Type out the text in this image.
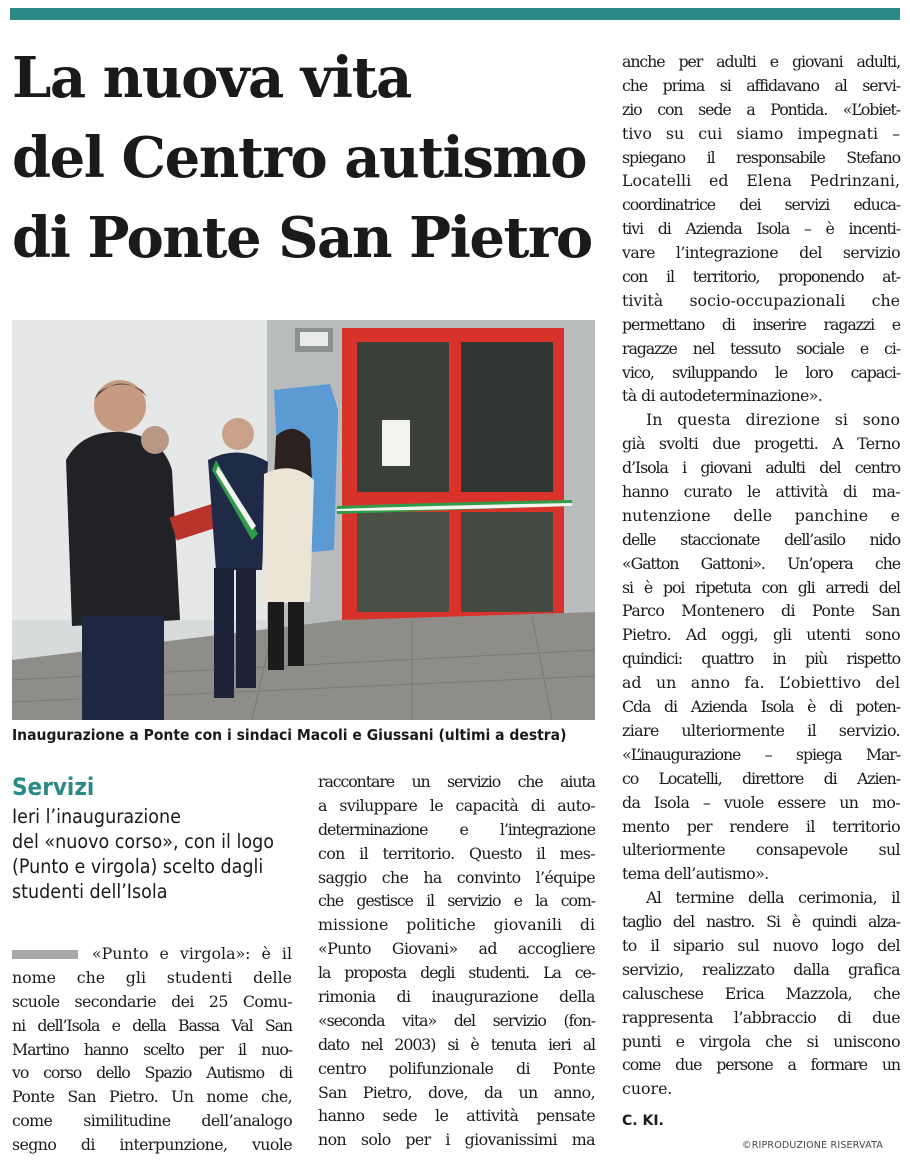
La nuova vita
del Centro autismo
di Ponte San Pietro

Inaugurazione a Ponte con i sindaci Macoli e Giussani (ultimi a destra)

Servizi

Ieri l’inaugurazione
del «nuovo corso», con il logo
(Punto e virgola) scelto dagli
studenti dell’Isola

«Punto e virgola»: è il
nome che gli studenti delle
scuole secondarie dei 25 Comu-
ni dell’Isola e della Bassa Val San
Martino hanno scelto per il nuo-
vo corso dello Spazio Autismo di
Ponte San Pietro. Un nome che,
come similitudine dell’analogo
segno di interpunzione, vuole
raccontare un servizio che aiuta
a sviluppare le capacità di auto-
determinazione e l’integrazione
con il territorio. Questo il mes-
saggio che ha convinto l’équipe
che gestisce il servizio e la com-
missione politiche giovanili di
«Punto Giovani» ad accogliere
la proposta degli studenti. La ce-
rimonia di inaugurazione della
«seconda vita» del servizio (fon-
dato nel 2003) si è tenuta ieri al
centro polifunzionale di Ponte
San Pietro, dove, da un anno,
hanno sede le attività pensate
non solo per i giovanissimi ma
anche per adulti e giovani adulti,
che prima si affidavano al servi-
zio con sede a Pontida. «L’obiet-
tivo su cui siamo impegnati –
spiegano il responsabile Stefano
Locatelli ed Elena Pedrinzani,
coordinatrice dei servizi educa-
tivi di Azienda Isola – è incenti-
vare l’integrazione del servizio
con il territorio, proponendo at-
tività socio-occupazionali che
permettano di inserire ragazzi e
ragazze nel tessuto sociale e ci-
vico, sviluppando le loro capaci-
tà di autodeterminazione».
In questa direzione si sono
già svolti due progetti. A Terno
d’Isola i giovani adulti del centro
hanno curato le attività di ma-
nutenzione delle panchine e
delle staccionate dell’asilo nido
«Gatton Gattoni». Un’opera che
si è poi ripetuta con gli arredi del
Parco Montenero di Ponte San
Pietro. Ad oggi, gli utenti sono
quindici: quattro in più rispetto
ad un anno fa. L’obiettivo del
Cda di Azienda Isola è di poten-
ziare ulteriormente il servizio.
«L’inaugurazione – spiega Mar-
co Locatelli, direttore di Azien-
da Isola – vuole essere un mo-
mento per rendere il territorio
ulteriormente consapevole sul
tema dell’autismo».
Al termine della cerimonia, il
taglio del nastro. Si è quindi alza-
to il sipario sul nuovo logo del
servizio, realizzato dalla grafica
caluschese Erica Mazzola, che
rappresenta l’abbraccio di due
punti e virgola che si uniscono
come due persone a formare un
cuore.

C. KI.

©RIPRODUZIONE RISERVATA
